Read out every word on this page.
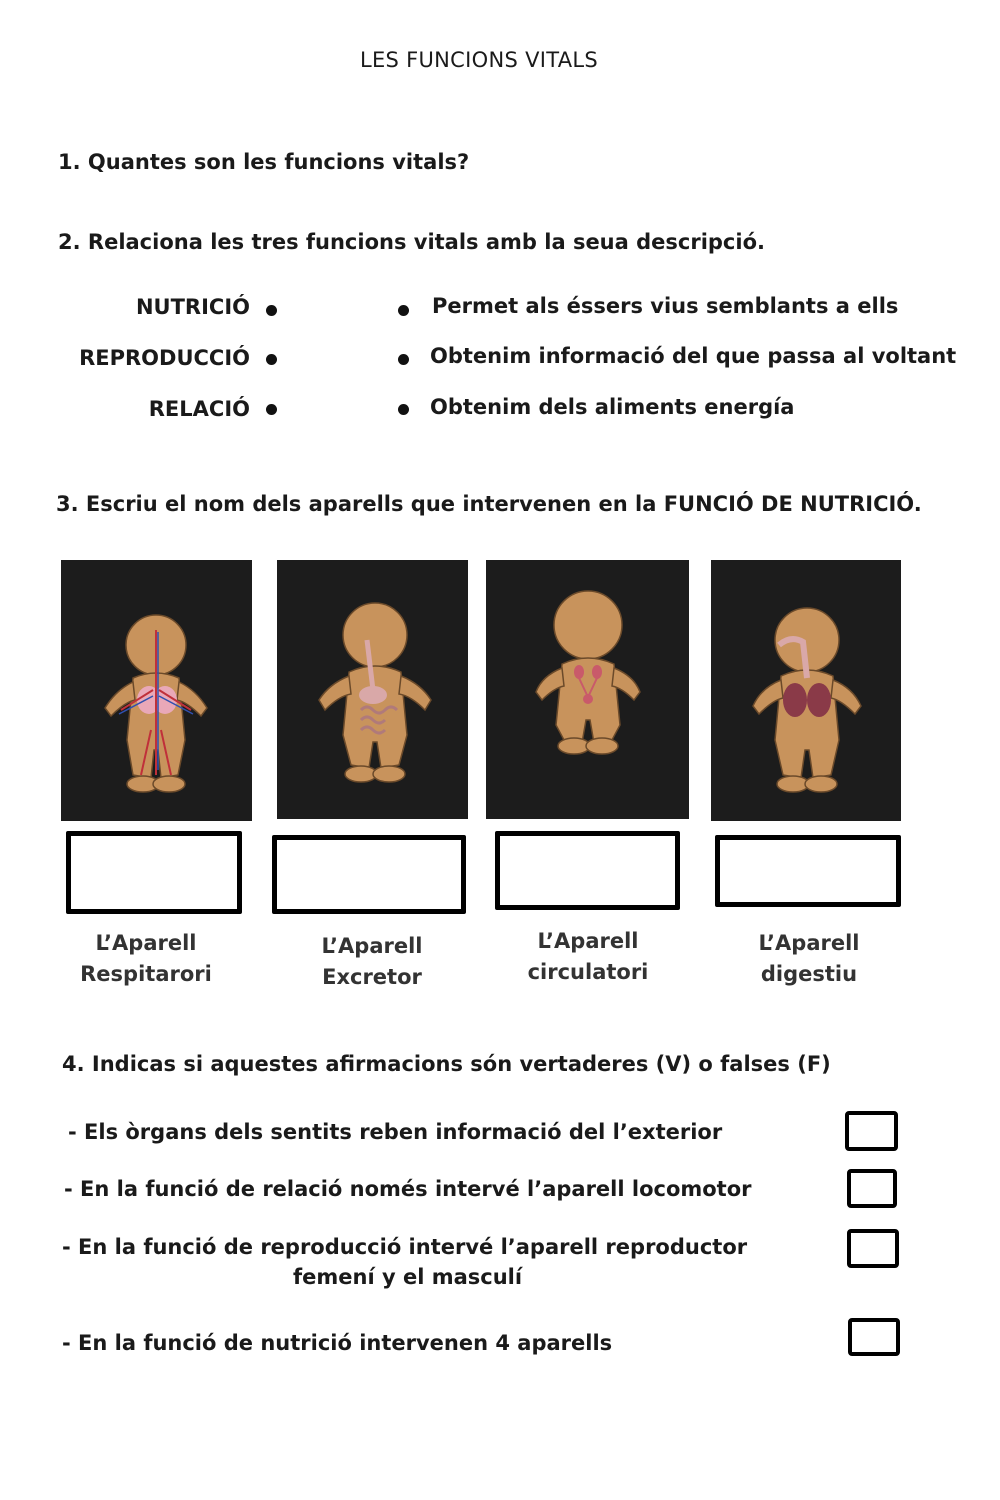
LES FUNCIONS VITALS
1. Quantes son les funcions vitals?
2. Relaciona les tres funcions vitals amb la seua descripció.
NUTRICIÓ
REPRODUCCIÓ
RELACIÓ
Permet als éssers vius semblants a ells
Obtenim informació del que passa al voltant
Obtenim dels aliments energía
3. Escriu el nom dels aparells que intervenen en la FUNCIÓ DE NUTRICIÓ.
L’Aparell
Respitarori
L’Aparell
Excretor
L’Aparell
circulatori
L’Aparell
digestiu
4. Indicas si aquestes afirmacions són vertaderes (V) o falses (F)
- Els òrgans dels sentits reben informació del l’exterior
- En la funció de relació només intervé l’aparell locomotor
- En la funció de reproducció intervé l’aparell reproductor
femení y el masculí
- En la funció de nutrició intervenen 4 aparells
